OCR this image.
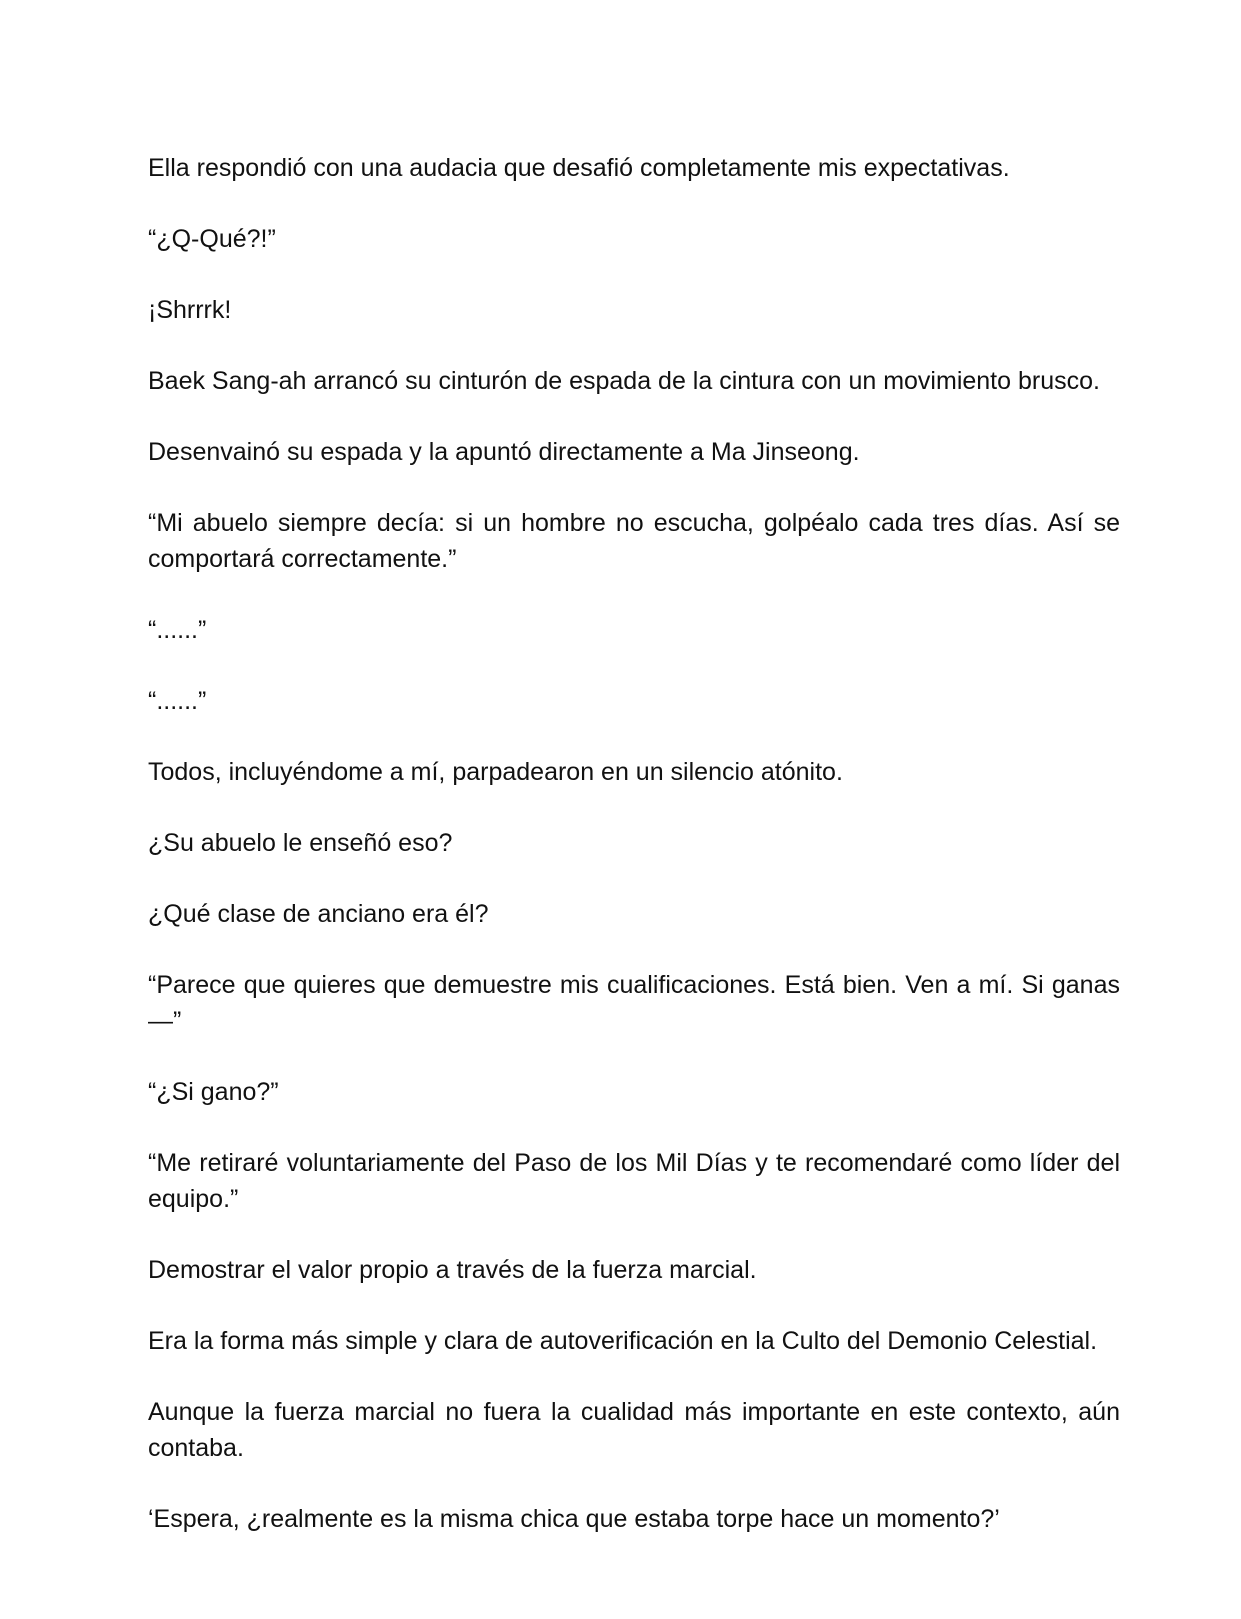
Ella respondió con una audacia que desafió completamente mis expectativas.

“¿Q-Qué?!”

¡Shrrrk!

Baek Sang-ah arrancó su cinturón de espada de la cintura con un movimiento brusco.

Desenvainó su espada y la apuntó directamente a Ma Jinseong.

“Mi abuelo siempre decía: si un hombre no escucha, golpéalo cada tres días. Así se comportará correctamente.”

“......”

“......”

Todos, incluyéndome a mí, parpadearon en un silencio atónito.

¿Su abuelo le enseñó eso?

¿Qué clase de anciano era él?

“Parece que quieres que demuestre mis cualificaciones. Está bien. Ven a mí. Si ganas—”

“¿Si gano?”

“Me retiraré voluntariamente del Paso de los Mil Días y te recomendaré como líder del equipo.”

Demostrar el valor propio a través de la fuerza marcial.

Era la forma más simple y clara de autoverificación en la Culto del Demonio Celestial.

Aunque la fuerza marcial no fuera la cualidad más importante en este contexto, aún contaba.

‘Espera, ¿realmente es la misma chica que estaba torpe hace un momento?’
